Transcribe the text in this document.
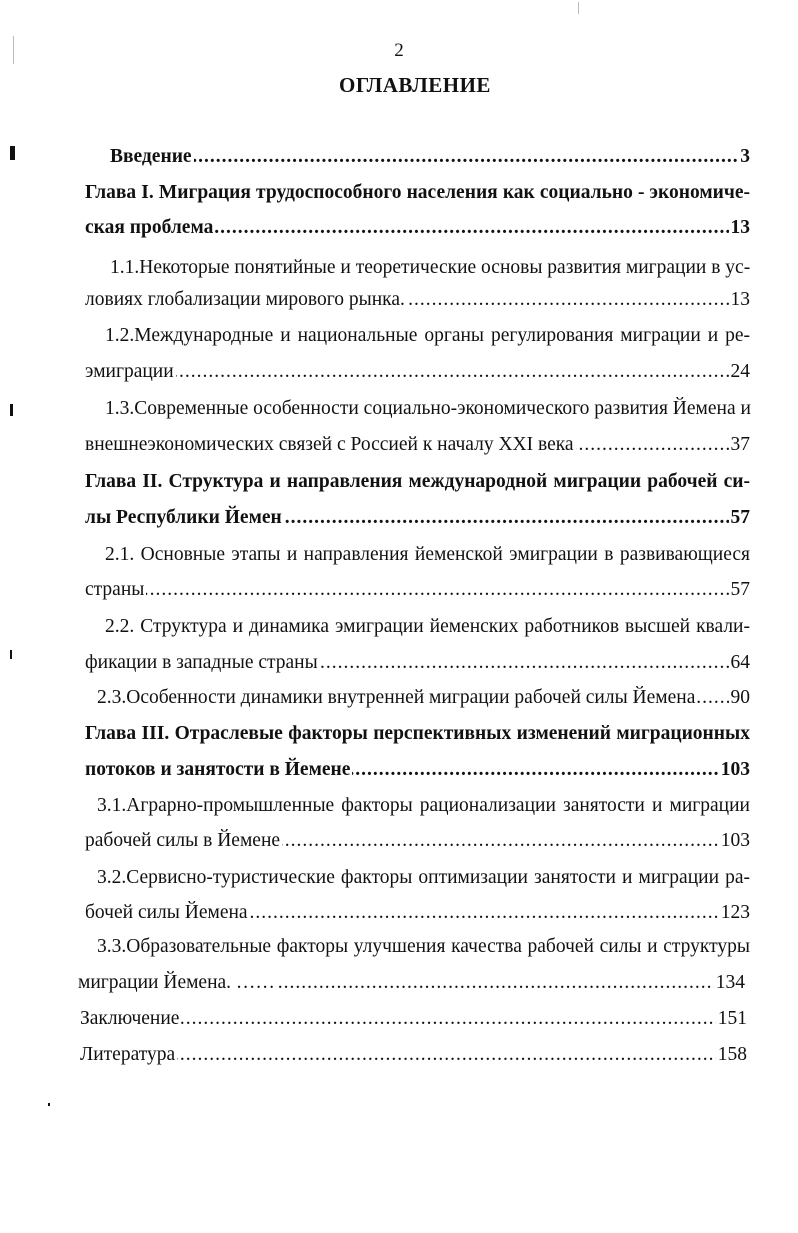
2
ОГЛАВЛЕНИЕ
..... Введение	3
Глава I. Миграция трудоспособного населения как социально - экономиче-
..... ская проблема	13
1.1.Некоторые понятийные и теоретические основы развития миграции в ус-
..... ловиях глобализации мирового рынка.	13
1.2.Международные и национальные органы регулирования миграции и ре-
..... эмиграции	24
1.3.Современные особенности социально-экономического развития Йемена и
..... внешнеэкономических связей с Россией к началу XXI века	37
Глава II. Структура и направления международной миграции рабочей си-
..... лы Республики Йемен	57
2.1. Основные этапы и направления йеменской эмиграции в развивающиеся
..... страны	57
2.2. Структура и динамика эмиграции йеменских работников высшей квали-
..... фикации в западные страны	64
..... 2.3.Особенности динамики внутренней миграции рабочей силы Йемена 90
Глава III. Отраслевые факторы перспективных изменений миграционных
..... потоков и занятости в Йемене	103
3.1.Аграрно-промышленные факторы рационализации занятости и миграции
..... рабочей силы в Йемене	103
3.2.Сервисно-туристические факторы оптимизации занятости и миграции ра-
..... бочей силы Йемена	123
3.3.Образовательные факторы улучшения качества рабочей силы и структуры
..... миграции Йемена. ……	134
..... Заключение	151
..... Литература	158
